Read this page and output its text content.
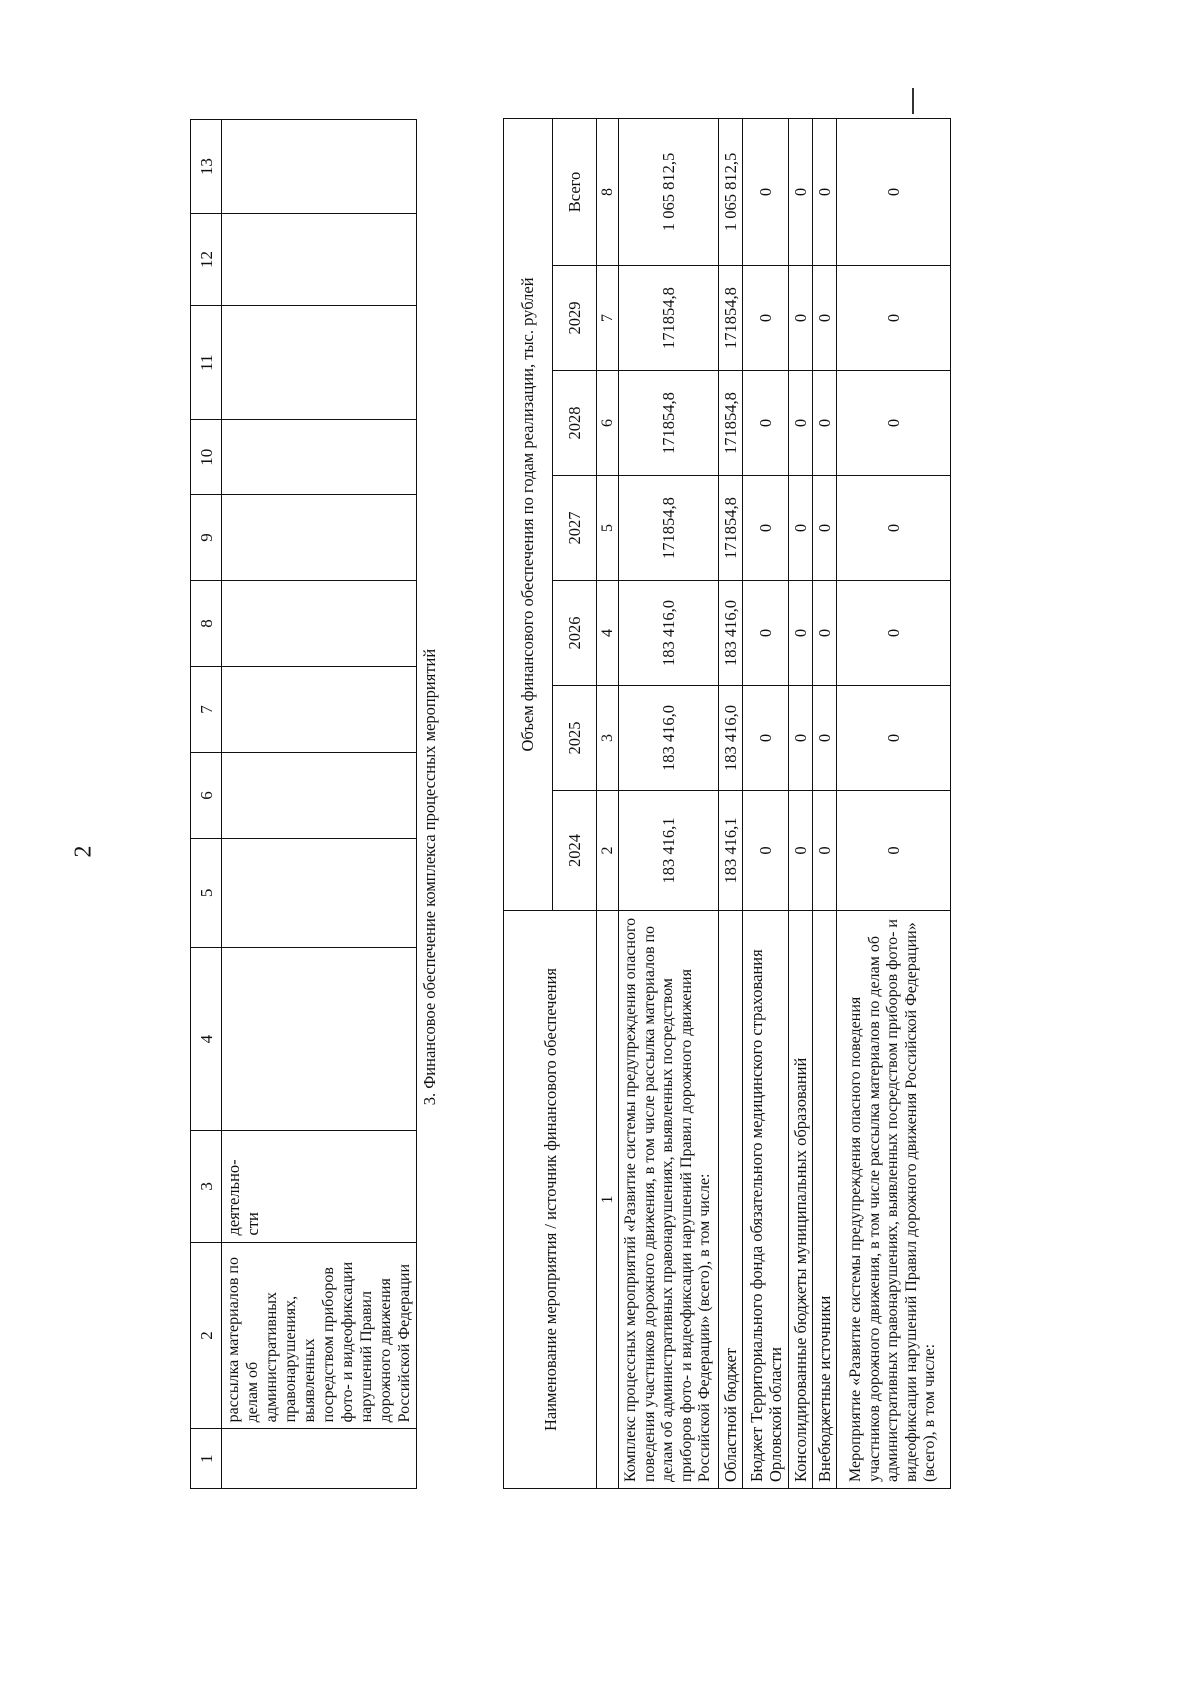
2
1	2	3	4	5	6	7	8	9	10	11	12	13
	рассылка материалов по делам об административных правонарушениях, выявленных посредством приборов фото- и видеофиксации нарушений Правил дорожного движения Российской Федерации	деятельно-сти										
3. Финансовое обеспечение комплекса процессных мероприятий
Наименование мероприятия / источник финансового обеспечения	Объем финансового обеспечения по годам реализации, тыс. рублей						
	2024	2025	2026	2027	2028	2029	Всего
1	2	3	4	5	6	7	8
Комплекс процессных мероприятий «Развитие системы предупреждения опасного поведения участников дорожного движения, в том числе рассылка материалов по делам об административных правонарушениях, выявленных посредством приборов фото- и видеофиксации нарушений Правил дорожного движения Российской Федерации» (всего), в том числе:	183 416,1	183 416,0	183 416,0	171854,8	171854,8	171854,8	1 065 812,5
Областной бюджет	183 416,1	183 416,0	183 416,0	171854,8	171854,8	171854,8	1 065 812,5
Бюджет Территориального фонда обязательного медицинского страхования Орловской области	0	0	0	0	0	0	0
Консолидированные бюджеты муниципальных образований	0	0	0	0	0	0	0
Внебюджетные источники	0	0	0	0	0	0	0
Мероприятие «Развитие системы предупреждения опасного поведения участников дорожного движения, в том числе рассылка материалов по делам об административных правонарушениях, выявленных посредством приборов фото- и видеофиксации нарушений Правил дорожного движения Российской Федерации» (всего), в том числе:	0	0	0	0	0	0	0
